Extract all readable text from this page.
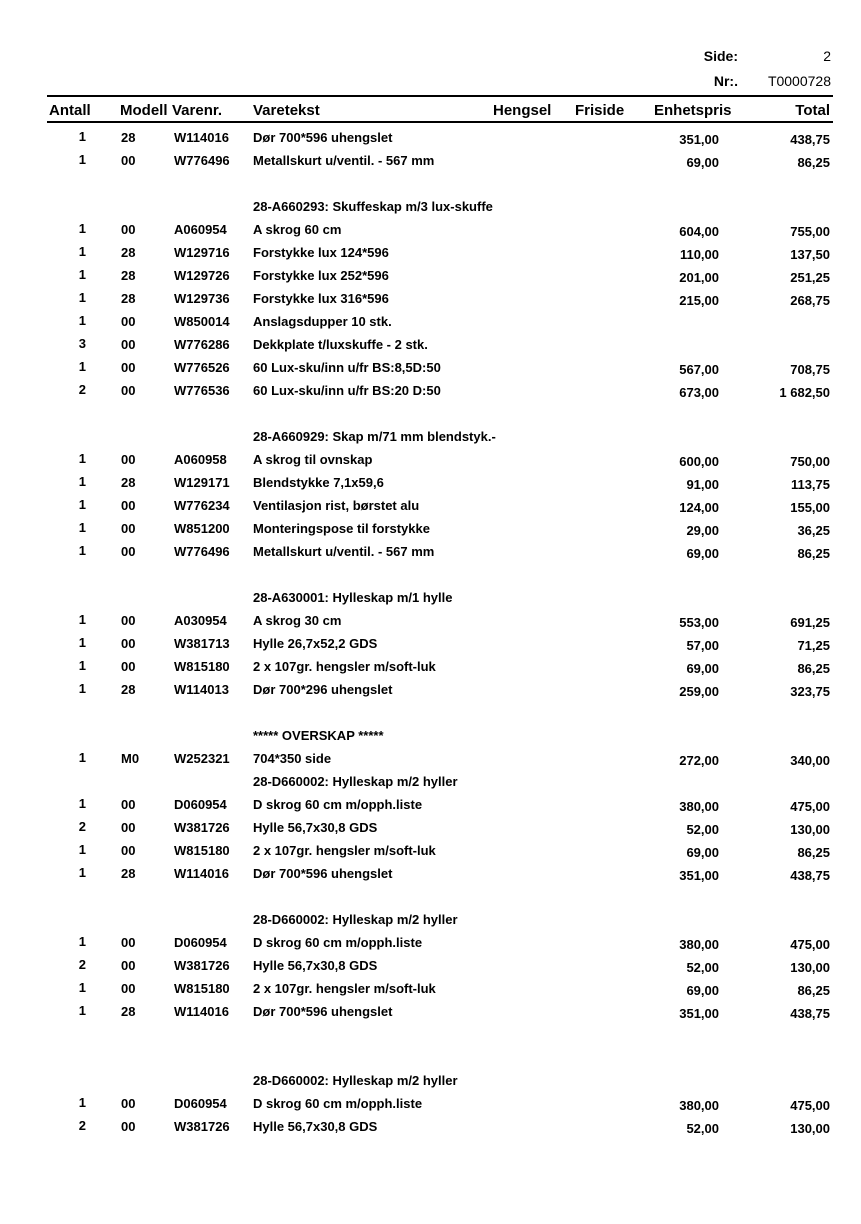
Side:	2
Nr:.	T0000728
Antall Modell Varenr. Varetekst	Hengsel Friside Enhetspris	Total
1	28	W114016 Dør 700*596 uhengslet	351,00	438,75
1	00	W776496 Metallskurt u/ventil. - 567 mm	69,00	86,25
28-A660293: Skuffeskap m/3 lux-skuffe
1	00	A060954 A skrog 60 cm	604,00	755,00
1	28	W129716 Forstykke lux 124*596	110,00	137,50
1	28	W129726 Forstykke lux 252*596	201,00	251,25
1	28	W129736 Forstykke lux 316*596	215,00	268,75
1	00	W850014 Anslagsdupper 10 stk.
3	00	W776286 Dekkplate t/luxskuffe - 2 stk.
1	00	W776526 60 Lux-sku/inn u/fr BS:8,5D:50	567,00	708,75
2	00	W776536 60 Lux-sku/inn u/fr BS:20 D:50	673,00	1 682,50
28-A660929: Skap m/71 mm blendstyk.-
1	00	A060958 A skrog til ovnskap	600,00	750,00
1	28	W129171 Blendstykke 7,1x59,6	91,00	113,75
1	00	W776234 Ventilasjon rist, børstet alu	124,00	155,00
1	00	W851200 Monteringspose til forstykke	29,00	36,25
1	00	W776496 Metallskurt u/ventil. - 567 mm	69,00	86,25
28-A630001: Hylleskap m/1 hylle
1	00	A030954 A skrog 30 cm	553,00	691,25
1	00	W381713 Hylle 26,7x52,2 GDS	57,00	71,25
1	00	W815180 2 x 107gr. hengsler m/soft-luk	69,00	86,25
1	28	W114013 Dør 700*296 uhengslet	259,00	323,75
***** OVERSKAP *****
1	M0	W252321 704*350 side	272,00	340,00
28-D660002: Hylleskap m/2 hyller
1	00	D060954 D skrog 60 cm m/opph.liste	380,00	475,00
2	00	W381726 Hylle 56,7x30,8 GDS	52,00	130,00
1	00	W815180 2 x 107gr. hengsler m/soft-luk	69,00	86,25
1	28	W114016 Dør 700*596 uhengslet	351,00	438,75
28-D660002: Hylleskap m/2 hyller
1	00	D060954 D skrog 60 cm m/opph.liste	380,00	475,00
2	00	W381726 Hylle 56,7x30,8 GDS	52,00	130,00
1	00	W815180 2 x 107gr. hengsler m/soft-luk	69,00	86,25
1	28	W114016 Dør 700*596 uhengslet	351,00	438,75
28-D660002: Hylleskap m/2 hyller
1	00	D060954 D skrog 60 cm m/opph.liste	380,00	475,00
2	00	W381726 Hylle 56,7x30,8 GDS	52,00	130,00
